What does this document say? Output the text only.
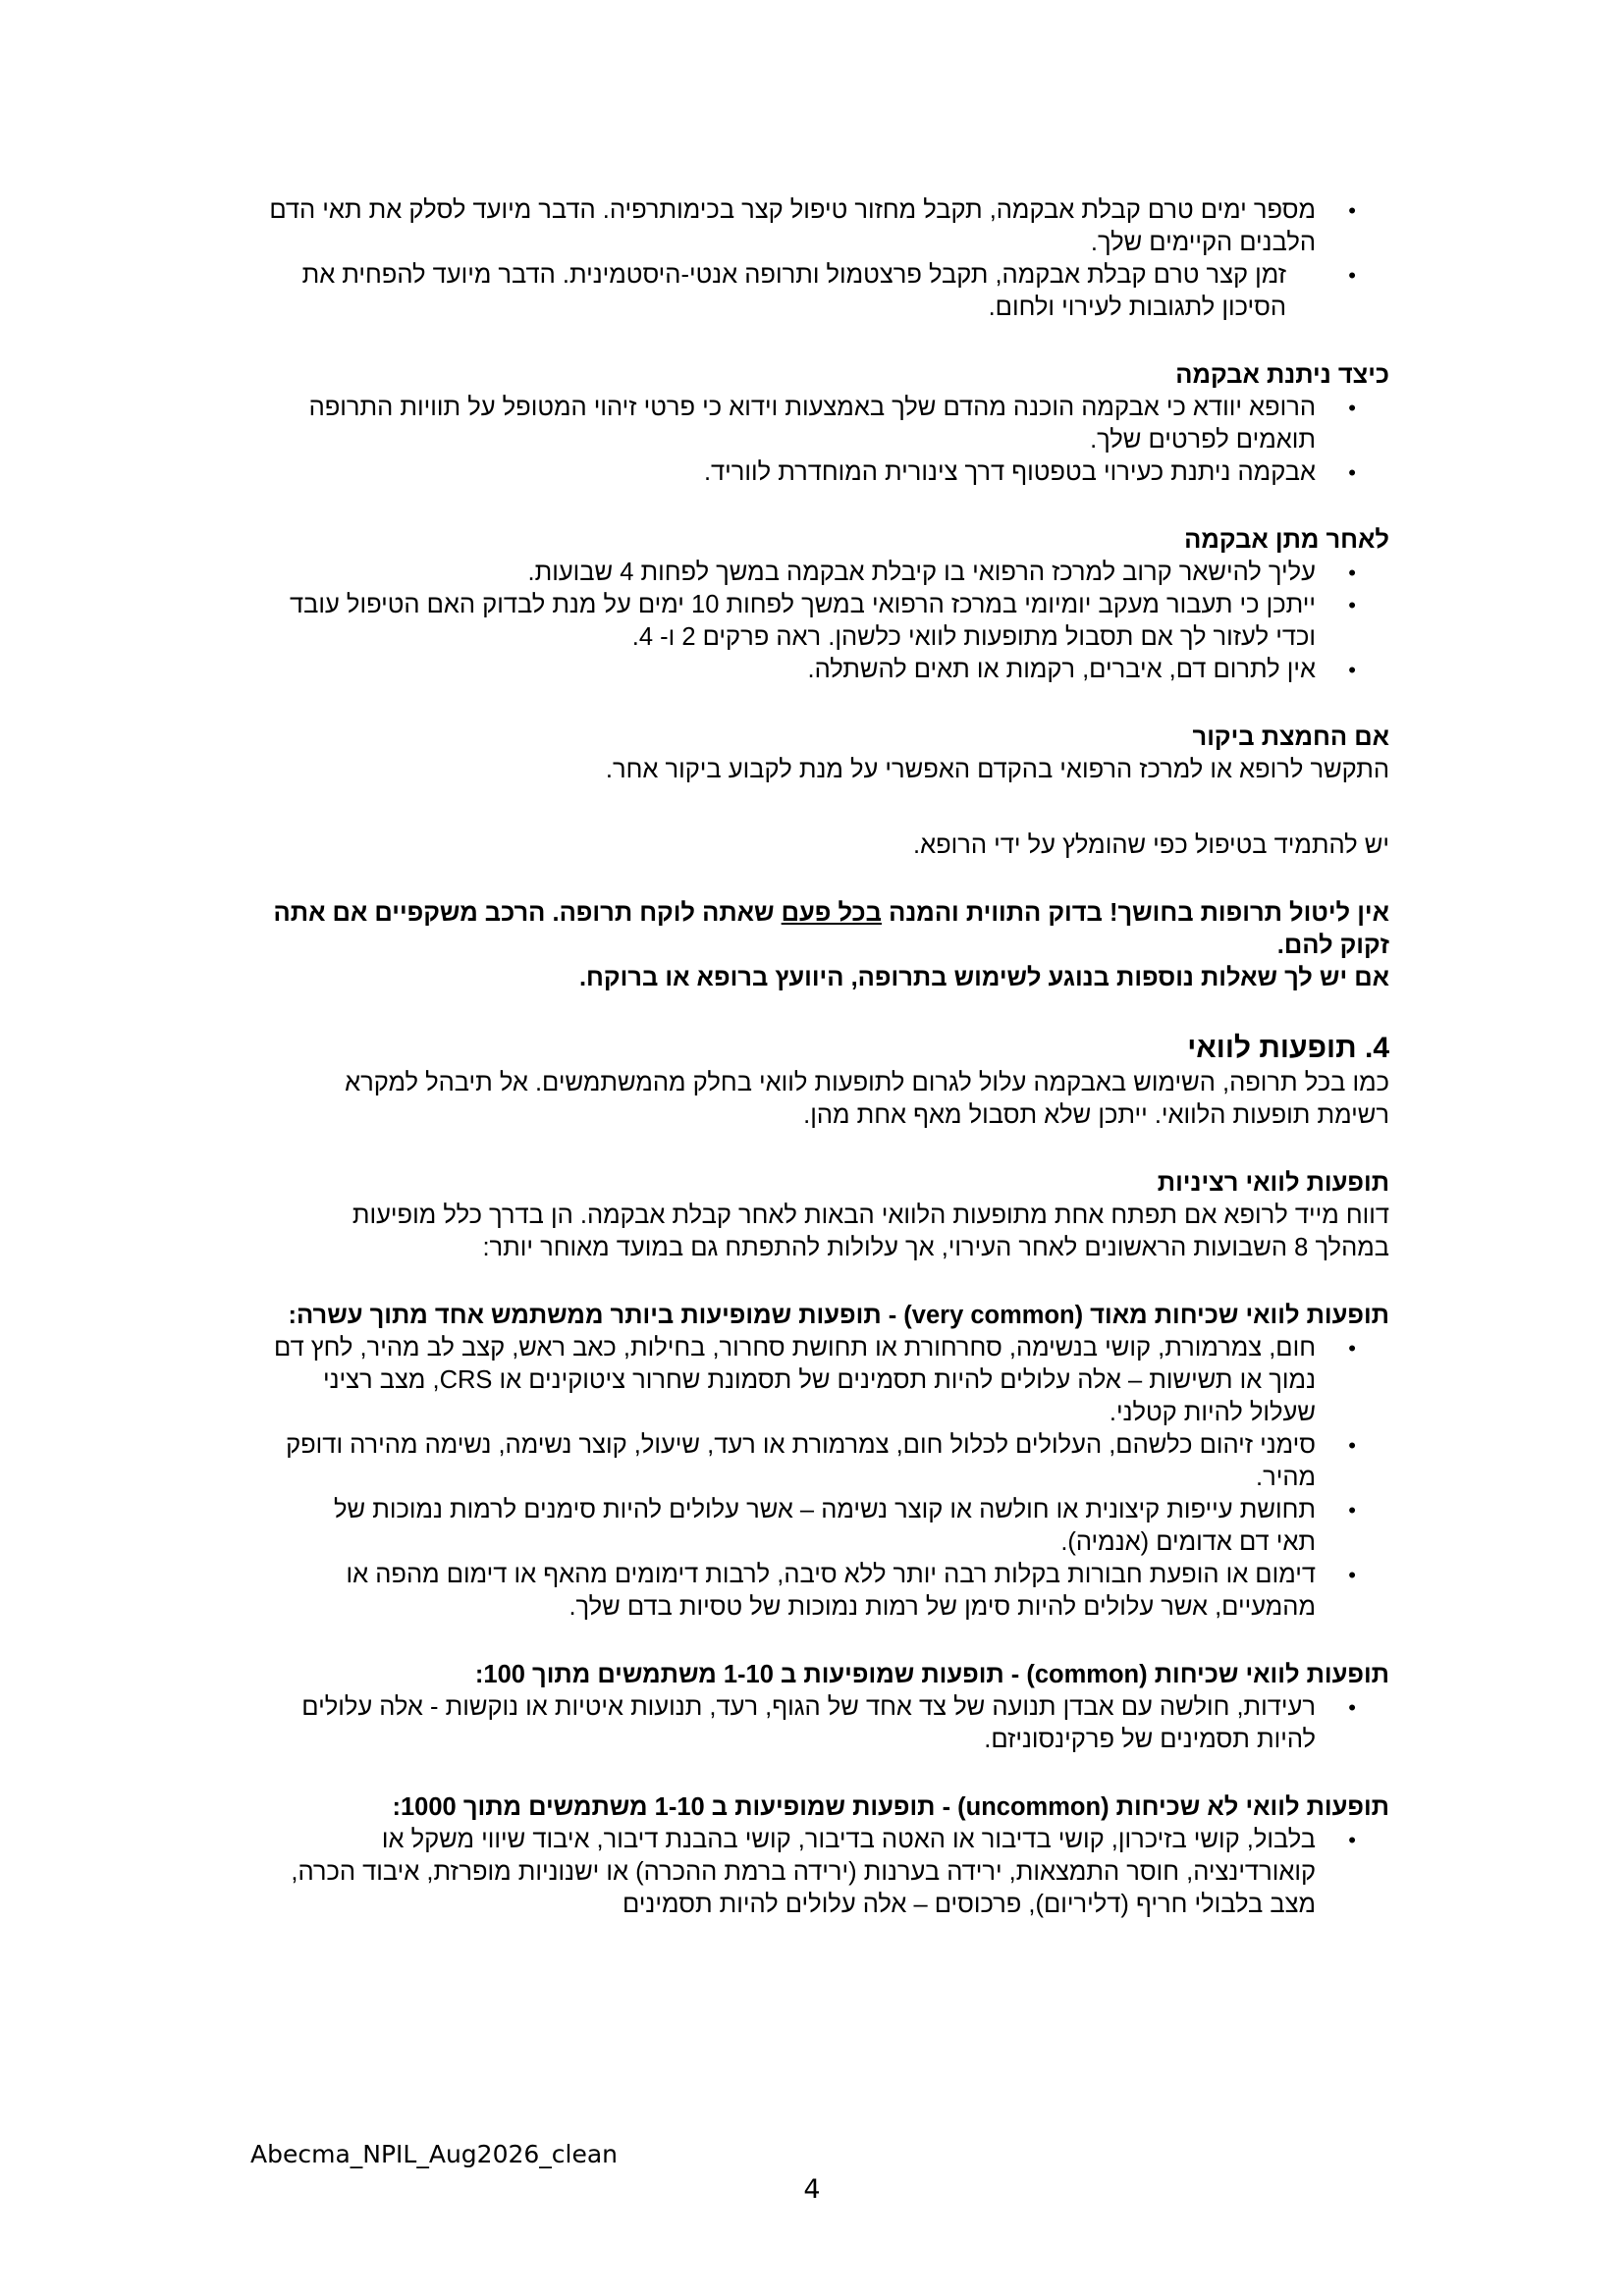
• מספר ימים טרם קבלת אבקמה, תקבל מחזור טיפול קצר בכימותרפיה. הדבר מיועד לסלק את תאי הדם הלבנים הקיימים שלך.
• זמן קצר טרם קבלת אבקמה, תקבל פרצטמול ותרופה אנטי-היסטמינית. הדבר מיועד להפחית את הסיכון לתגובות לעירוי ולחום.

כיצד ניתנת אבקמה

• הרופא יוודא כי אבקמה הוכנה מהדם שלך באמצעות וידוא כי פרטי זיהוי המטופל על תוויות התרופה תואמים לפרטים שלך.
• אבקמה ניתנת כעירוי בטפטוף דרך צינורית המוחדרת לווריד.

לאחר מתן אבקמה

• עליך להישאר קרוב למרכז הרפואי בו קיבלת אבקמה במשך לפחות 4 שבועות.
• ייתכן כי תעבור מעקב יומיומי במרכז הרפואי במשך לפחות 10 ימים על מנת לבדוק האם הטיפול עובד וכדי לעזור לך אם תסבול מתופעות לוואי כלשהן. ראה פרקים 2 ו- 4.
• אין לתרום דם, איברים, רקמות או תאים להשתלה.

אם החמצת ביקור

התקשר לרופא או למרכז הרפואי בהקדם האפשרי על מנת לקבוע ביקור אחר.

יש להתמיד בטיפול כפי שהומלץ על ידי הרופא.

אין ליטול תרופות בחושך! בדוק התווית והמנה בכל פעם שאתה לוקח תרופה. הרכב משקפיים אם אתה זקוק להם.

אם יש לך שאלות נוספות בנוגע לשימוש בתרופה, היוועץ ברופא או ברוקח.

4. תופעות לוואי

כמו בכל תרופה, השימוש באבקמה עלול לגרום לתופעות לוואי בחלק מהמשתמשים. אל תיבהל למקרא רשימת תופעות הלוואי. ייתכן שלא תסבול מאף אחת מהן.

תופעות לוואי רציניות

דווח מייד לרופא אם תפתח אחת מתופעות הלוואי הבאות לאחר קבלת אבקמה. הן בדרך כלל מופיעות במהלך 8 השבועות הראשונים לאחר העירוי, אך עלולות להתפתח גם במועד מאוחר יותר:

תופעות לוואי שכיחות מאוד (very common) - תופעות שמופיעות ביותר ממשתמש אחד מתוך עשרה:

• חום, צמרמורת, קושי בנשימה, סחרחורת או תחושת סחרור, בחילות, כאב ראש, קצב לב מהיר, לחץ דם נמוך או תשישות – אלה עלולים להיות תסמינים של תסמונת שחרור ציטוקינים או CRS, מצב רציני שעלול להיות קטלני.
• סימני זיהום כלשהם, העלולים לכלול חום, צמרמורת או רעד, שיעול, קוצר נשימה, נשימה מהירה ודופק מהיר.
• תחושת עייפות קיצונית או חולשה או קוצר נשימה – אשר עלולים להיות סימנים לרמות נמוכות של תאי דם אדומים (אנמיה).
• דימום או הופעת חבורות בקלות רבה יותר ללא סיבה, לרבות דימומים מהאף או דימום מהפה או מהמעיים, אשר עלולים להיות סימן של רמות נמוכות של טסיות בדם שלך.

תופעות לוואי שכיחות (common) - תופעות שמופיעות ב 1-10 משתמשים מתוך 100:

• רעידות, חולשה עם אבדן תנועה של צד אחד של הגוף, רעד, תנועות איטיות או נוקשות - אלה עלולים להיות תסמינים של פרקינסוניזם.

תופעות לוואי לא שכיחות (uncommon) - תופעות שמופיעות ב 1-10 משתמשים מתוך 1000:

• בלבול, קושי בזיכרון, קושי בדיבור או האטה בדיבור, קושי בהבנת דיבור, איבוד שיווי משקל או קואורדינציה, חוסר התמצאות, ירידה בערנות (ירידה ברמת ההכרה) או ישנוניות מופרזת, איבוד הכרה, מצב בלבולי חריף (דליריום), פרכוסים – אלה עלולים להיות תסמינים
Abecma_NPIL_Aug2026_clean
4
